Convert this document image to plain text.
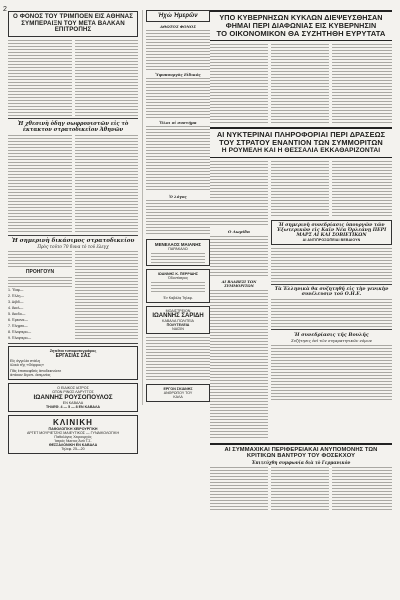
2
Ο ΦΟΝΟΣ ΤΟΥ ΤΡΙΜΠΟΕΝ ΕΙΣ ΑΘΗΝΑΣ ΣΥΜΠΕΡΑΙΞΝ ΤΟΥ ΜΕΤΑ ΒΑΛΚΑΝ ΕΠΙΤΡΟΠΗΣ
Ἡ χθεσινὴ ὁδηγ σωφρονιστῶν εἰς τὸ ἐκτακτον στρατοδικεῖον Ἀθηνῶν
Ἡ σημερινὴ δικάσιμος στρατοδικείου
Πρὸς τοῦτο 70 δυνα τὸ τοῦ ἐλεγχ
ΠΡΟΗΓΟΥΝ
1. Ἔαφ—
2. Ἐλλη—
3. Διβιδ—
4. Ἀκελ—
5. Ἀκεδο—
6. Ἐρεανα—
7. Ἐληφτο—
8. Ἐλεφτερο—
9. Ἐλεφτερο—
Ζητεῖται τυποματογράφος
ΕΡΓΑΣΙΑΣ ΣΑΣ
Εἰς ἀγγελία στάλη
ὑλικὸ τῆς «Θάρρος»
Πᾶς ἐπισκεφθεὶς ἀποδεικνύετε
ἀπίαιον Ἀγαπ- ἀσεμνίας
Ο ΕΙΔΙΚΟΣ ΙΑΤΡΟΣ
ΩΤΩΝ ΡΙΝΟΣ ΛΑΡΥΓΓΟΣ
ΙΩΑΝΝΗΣ ΡΟΥΣΟΠΟΥΛΟΣ
ΕΝ ΚΑΒΑΛΑ
ΤΗΛΕΦ. 4 — 5 — 8 ΕΝ ΚΑΒΑΛΑ
ΚΛΙΝΙΚΗ
ΠΑΘΟΛΟΓΙΚΗ ΧΕΙΡΟΥΡΓΙΚΗ
ΑΡΓΕΤ ΜΟΥΡΙΕΤΖΗΣ ΜΑΙΕΥΤΙΚΟΣ — ΓΥΝΑΙΚΟΛΟΓΙΚΗ
Παθολόγος Χειρουργός
Ἰατρός Νυκτος Ἀνά Τ.Σ.
ΘΕΣΣΑΛΟΝΙΚΗ ΕΝ ΚΑΒΑΛΑ
Τηλεφ. 25—20
Ἡχὼ Ἡμερῶν
ΑΘΩΤΟΣ ΦΟΝΟΣ
Ὑφυπουργὸς Εἰδικός
Ὅλοι οἱ συστήμα
Ὁ λόγος
ΜΕΝΕΛΑΟΣ ΜΑΙΑΝΗΣ
ΠΑΡΑΚΑΛΩ
ΙΩΑΝΝΗΣ Κ. ΠΕΡΡΙΔΗΣ
Ὀδοντίατρος
Ἐν Καβάλᾳ Τηλεφ.
ΜΟΔΙΣΤΡΕΙΟΝ
ΙΩΑΝΝΗΣ ΣΑΡΙΔΗ
ΚΑΒΑΛΑ ΠΟΛΙΤΕΙΑ
ΠΟΛΥΤΕΛΕΙΑ
ΝΑΙΣΙΝ
ΕΡΓΟΝ ΣΚΙΑΝΗΣ
ΑΝΘΡΩΠΟΥ ΤΟΥ
ΚΑΛΑ
ΥΠΟ ΚΥΒΕΡΝΗΣΩΝ ΚΥΚΛΩΝ ΔΙΕΨΕΥΣΘΗΣΑΝ ΦΗΜΑΙ ΠΕΡΙ ΔΙΑΦΩΝΙΑΣ ΕΙΣ ΚΥΒΕΡΝΗΣΙΝ
ΤΟ ΟΙΚΟΝΟΜΙΚΟΝ ΘΑ ΣΥΖΗΤΗΘΗ ΕΥΡΥΤΑΤΑ
ΑΙ ΝΥΚΤΕΡΙΝΑΙ ΠΛΗΡΟΦΟΡΙΑΙ ΠΕΡΙ ΔΡΑΣΕΩΣ ΤΟΥ ΣΤΡΑΤΟΥ ΕΝΑΝΤΙΟΝ ΤΩΝ ΣΥΜΜΟΡΙΤΩΝ
Η ΡΟΥΜΕΛΗ ΚΑΙ Η ΘΕΣΣΑΛΙΑ ΕΚΚΑΘΑΡΙΖΟΝΤΑΙ
Ο Λωρίδα
ΑΙ ΒΛΑΒΕΣΙ ΤΩΝ ΣΥΜΜΟΡΙΤΩΝ
Ἡ σημερινὴ συνεδρίασις ὑπουργῶν τῶν Ἐξωτερικῶν εἰς Καῖν Νέα Ὀρλεάνῃ ΠΕΡΙ ΜΑΡΣ ΑΙ ΚΑΙ ΣΟΒΙΕΤΙΚΩΝ
ΑΙ ΑΝΤΙΠΡΟΣΩΠΕΙΑΙ ΒΕΒΑΙΟΥΝ
Τὰ Ἑλληνικὰ θα συζητηθῆ εἰς τὴν γενικὴν συνέλευσιν τοῦ Ο.Η.Ε.
Ἡ συνεδρίασις τῆς Βουλῆς
Συζήτησις ἐπὶ τῶν συγκρατητικῶν νόμων
ΑΙ ΣΥΜΜΑΧΙΚΑΙ ΠΕΡΙΦΕΡΕΙΑΚΑΙ ΑΝΥΠΟΜΟΝΗΣ ΤΩΝ ΚΡΙΤΙΚΩΝ ΒΑΝΤΡΟΥ ΤΟΥ ΦΟΣΕΚΧΟΥ
Ἐπιτεύχθη συμφωνία διὰ τὸ Γερμανικόν
